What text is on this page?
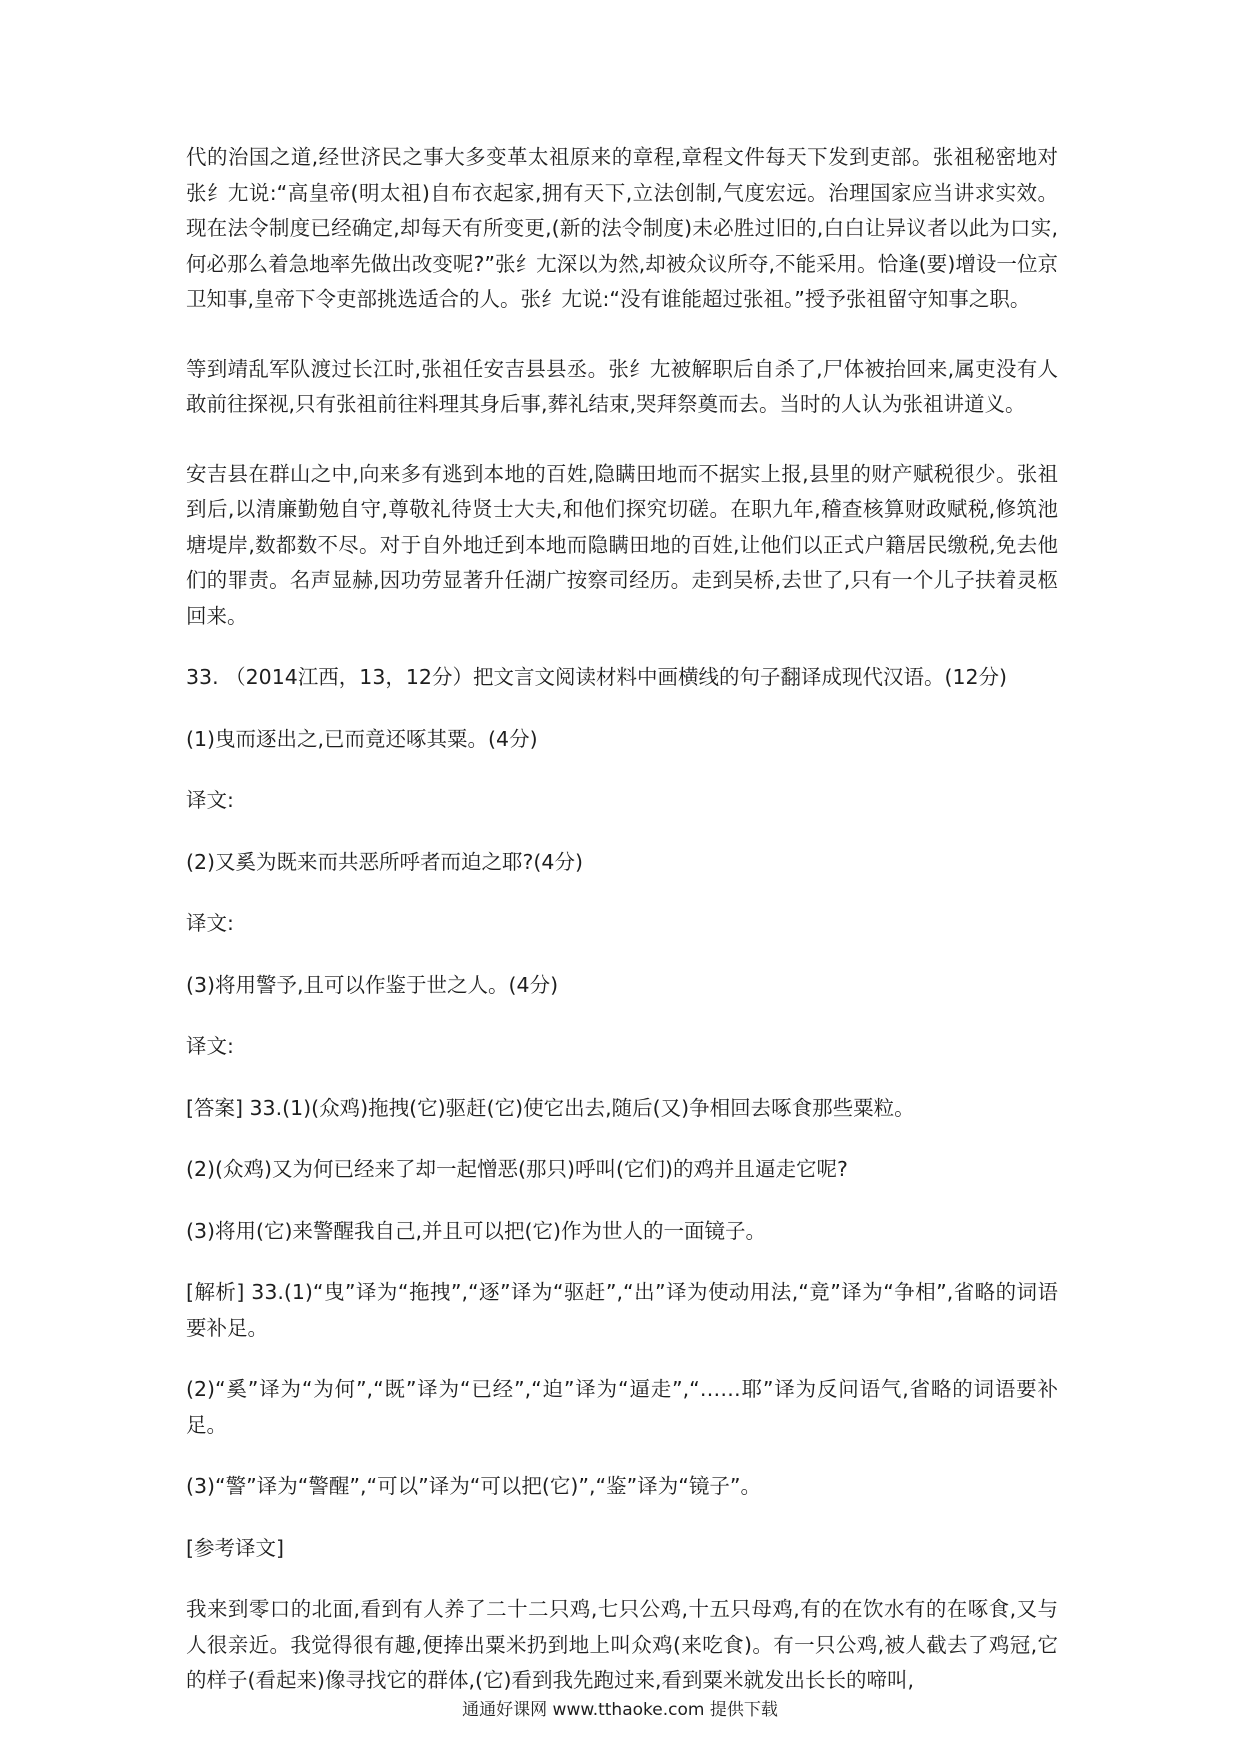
代的治国之道,经世济民之事大多变革太祖原来的章程,章程文件每天下发到吏部。张祖秘密地对张纟尢说:“高皇帝(明太祖)自布衣起家,拥有天下,立法创制,气度宏远。治理国家应当讲求实效。现在法令制度已经确定,却每天有所变更,(新的法令制度)未必胜过旧的,白白让异议者以此为口实,何必那么着急地率先做出改变呢?”张纟尢深以为然,却被众议所夺,不能采用。恰逢(要)增设一位京卫知事,皇帝下令吏部挑选适合的人。张纟尢说:“没有谁能超过张祖。”授予张祖留守知事之职。

等到靖乱军队渡过长江时,张祖任安吉县县丞。张纟尢被解职后自杀了,尸体被抬回来,属吏没有人敢前往探视,只有张祖前往料理其身后事,葬礼结束,哭拜祭奠而去。当时的人认为张祖讲道义。

安吉县在群山之中,向来多有逃到本地的百姓,隐瞒田地而不据实上报,县里的财产赋税很少。张祖到后,以清廉勤勉自守,尊敬礼待贤士大夫,和他们探究切磋。在职九年,稽查核算财政赋税,修筑池塘堤岸,数都数不尽。对于自外地迁到本地而隐瞒田地的百姓,让他们以正式户籍居民缴税,免去他们的罪责。名声显赫,因功劳显著升任湖广按察司经历。走到吴桥,去世了,只有一个儿子扶着灵柩回来。

33. （2014江西，13，12分）把文言文阅读材料中画横线的句子翻译成现代汉语。(12分)

(1)曳而逐出之,已而竟还啄其粟。(4分)

译文:

(2)又奚为既来而共恶所呼者而迫之耶?(4分)

译文:

(3)将用警予,且可以作鉴于世之人。(4分)

译文:

[答案] 33.(1)(众鸡)拖拽(它)驱赶(它)使它出去,随后(又)争相回去啄食那些粟粒。

(2)(众鸡)又为何已经来了却一起憎恶(那只)呼叫(它们)的鸡并且逼走它呢?

(3)将用(它)来警醒我自己,并且可以把(它)作为世人的一面镜子。

[解析] 33.(1)“曳”译为“拖拽”,“逐”译为“驱赶”,“出”译为使动用法,“竟”译为“争相”,省略的词语要补足。

(2)“奚”译为“为何”,“既”译为“已经”,“迫”译为“逼走”,“……耶”译为反问语气,省略的词语要补足。

(3)“警”译为“警醒”,“可以”译为“可以把(它)”,“鉴”译为“镜子”。

[参考译文]

我来到零口的北面,看到有人养了二十二只鸡,七只公鸡,十五只母鸡,有的在饮水有的在啄食,又与人很亲近。我觉得很有趣,便捧出粟米扔到地上叫众鸡(来吃食)。有一只公鸡,被人截去了鸡冠,它的样子(看起来)像寻找它的群体,(它)看到我先跑过来,看到粟米就发出长长的啼叫,

通通好课网 www.tthaoke.com 提供下载
